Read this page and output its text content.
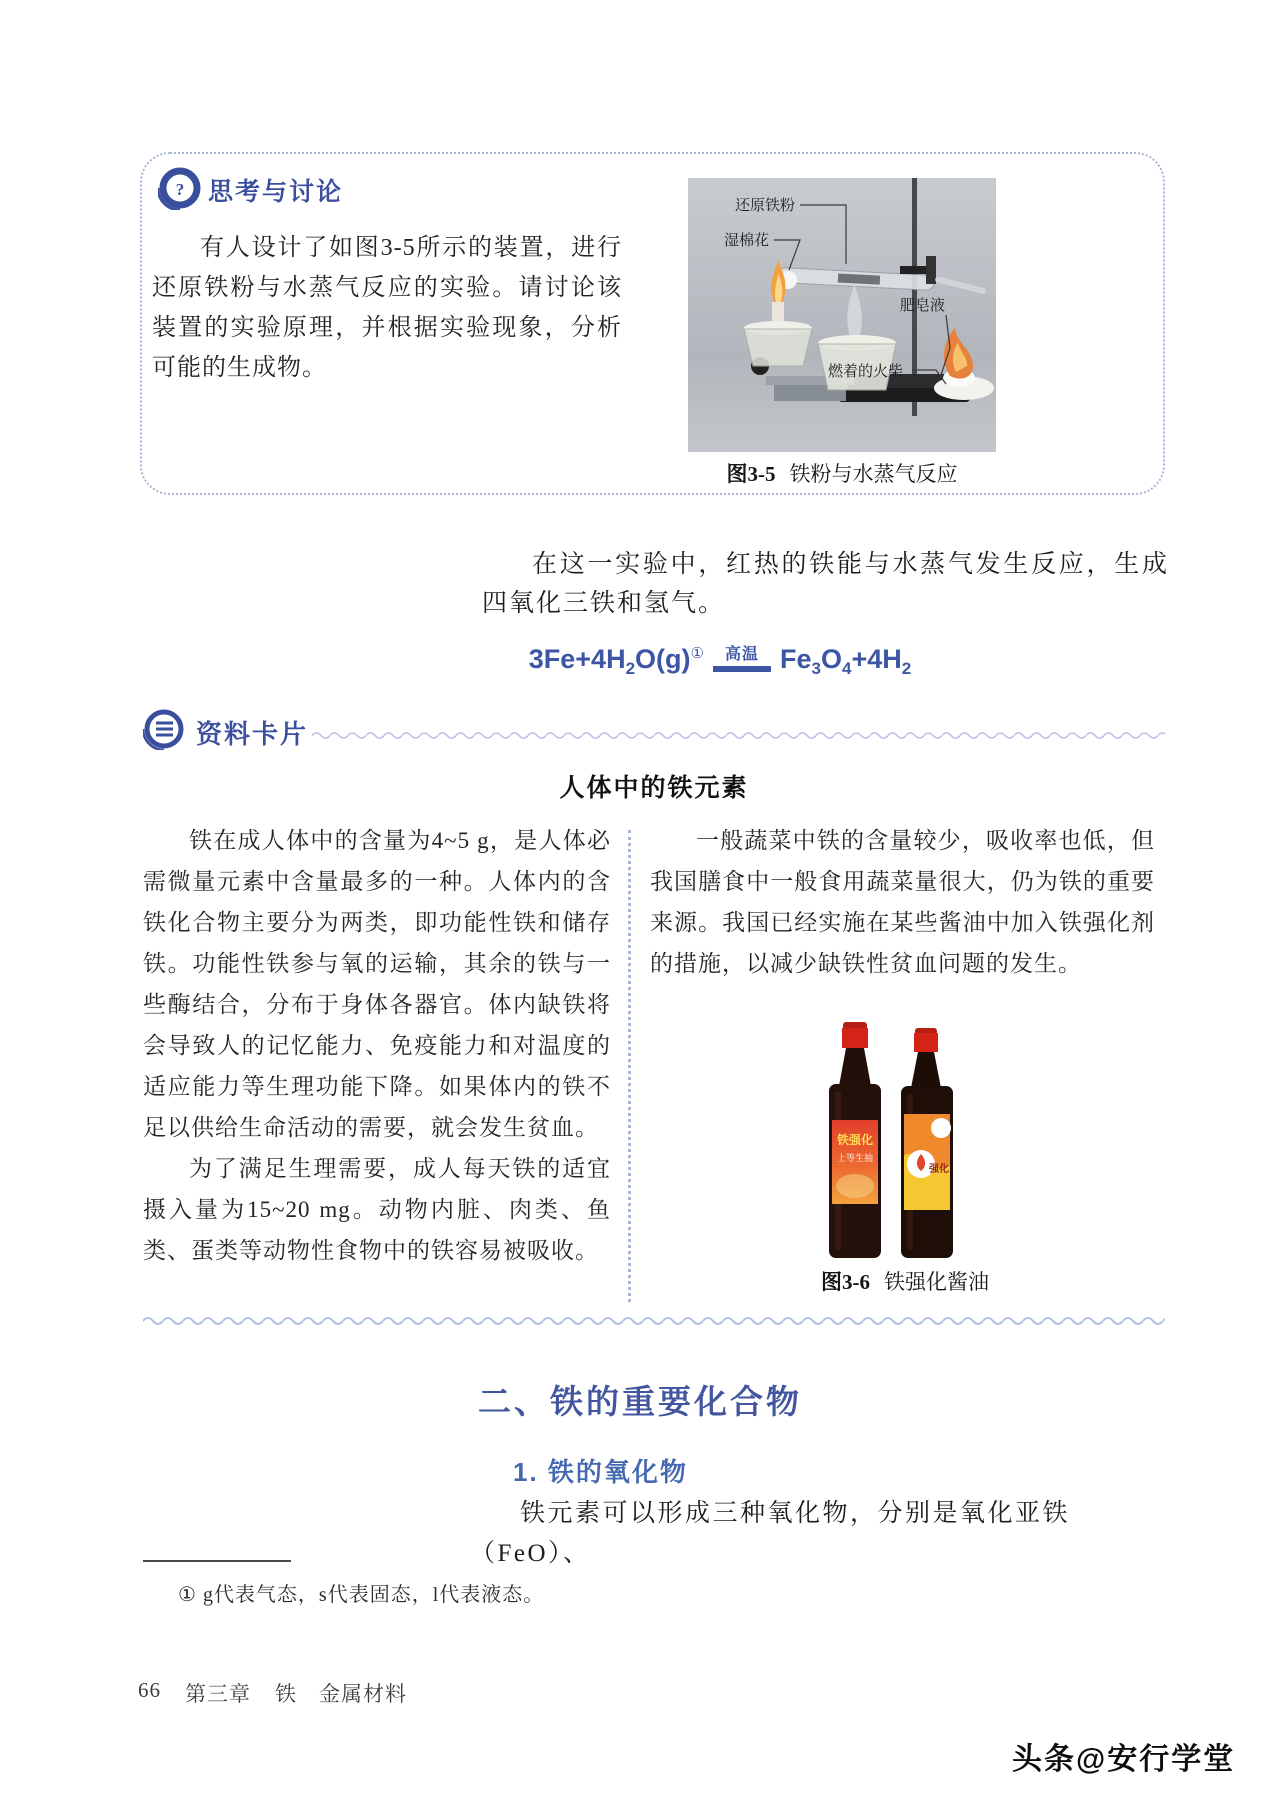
? 思考与讨论

有人设计了如图3-5所示的装置，进行还原铁粉与水蒸气反应的实验。请讨论该装置的实验原理，并根据实验现象，分析可能的生成物。

还原铁粉
湿棉花
肥皂液
燃着的火柴
图3-5 铁粉与水蒸气反应

在这一实验中，红热的铁能与水蒸气发生反应，生成四氧化三铁和氢气。

$3Fe+4H_2O(g)^①$ 高温 $Fe_3O_4+4H_2$
资料卡片
人体中的铁元素

铁在成人体中的含量为4~5 g，是人体必需微量元素中含量最多的一种。人体内的含铁化合物主要分为两类，即功能性铁和储存铁。功能性铁参与氧的运输，其余的铁与一些酶结合，分布于身体各器官。体内缺铁将会导致人的记忆能力、免疫能力和对温度的适应能力等生理功能下降。如果体内的铁不足以供给生命活动的需要，就会发生贫血。

为了满足生理需要，成人每天铁的适宜摄入量为15~20 mg。动物内脏、肉类、鱼类、蛋类等动物性食物中的铁容易被吸收。

一般蔬菜中铁的含量较少，吸收率也低，但我国膳食中一般食用蔬菜量很大，仍为铁的重要来源。我国已经实施在某些酱油中加入铁强化剂的措施，以减少缺铁性贫血问题的发生。

铁强化
上等生抽
强化
图3-6 铁强化酱油
二、铁的重要化合物
1. 铁的氧化物

铁元素可以形成三种氧化物，分别是氧化亚铁（FeO）、

① g代表气态，s代表固态，l代表液态。
66 第三章 铁　金属材料
头条@安行学堂
